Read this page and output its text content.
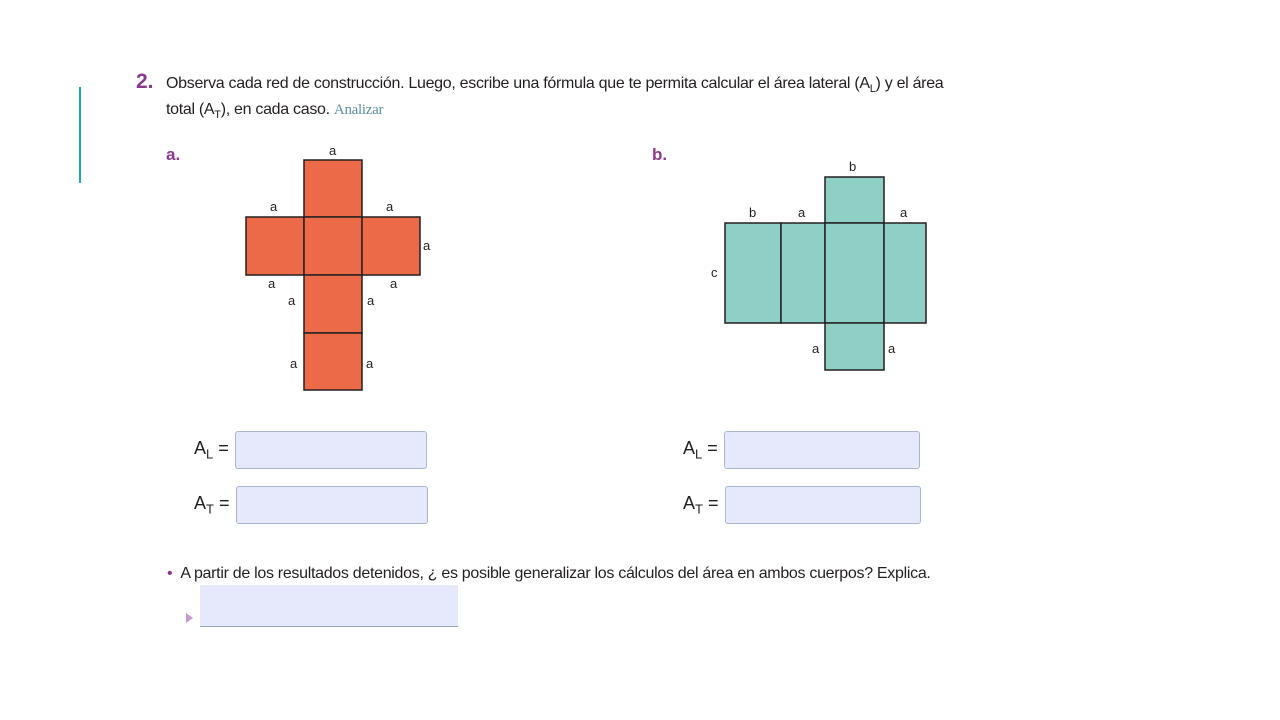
2. Observa cada red de construcción. Luego, escribe una fórmula que te permita calcular el área lateral $(A_L)$ y el área
total $(A_T)$, en cada caso. Analizar
a.	b.
a
a	a
a
a	a
a	a
a	a
b
b	a	a
c
a	a
$A_L$ =
$A_T$ =
$A_L$ =
$A_T$ =
• A partir de los resultados detenidos, ¿ es posible generalizar los cálculos del área en ambos cuerpos? Explica.
